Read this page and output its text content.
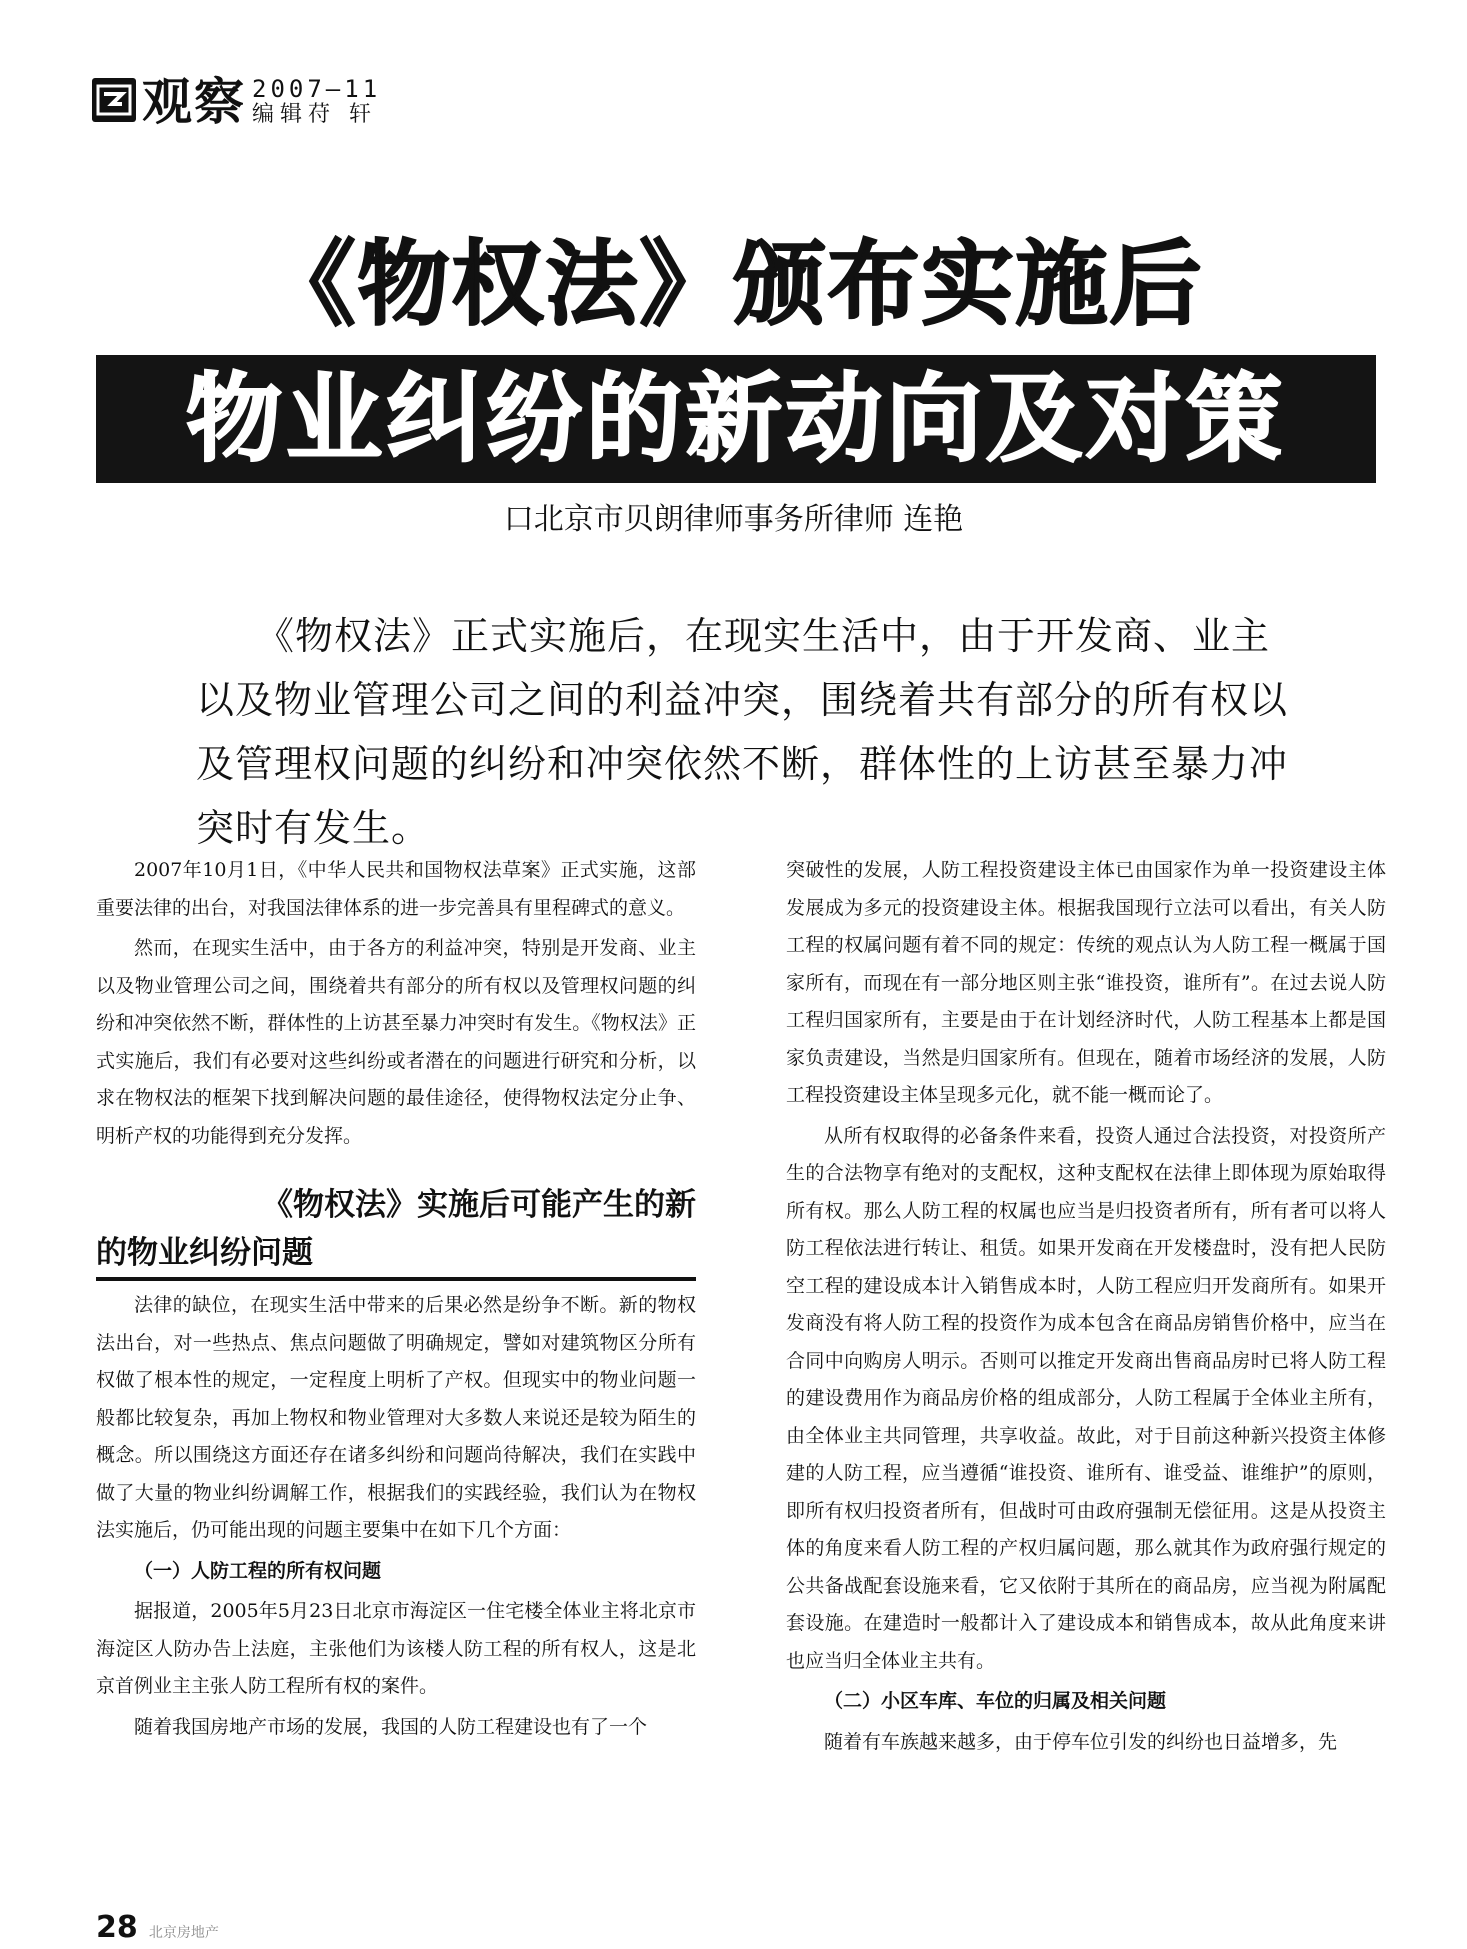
观察 2007—11
编辑苻 轩
《物权法》颁布实施后
物业纠纷的新动向及对策
口北京市贝朗律师事务所律师 连艳

《物权法》正式实施后，在现实生活中，由于开发商、业主以及物业管理公司之间的利益冲突，围绕着共有部分的所有权以及管理权问题的纠纷和冲突依然不断，群体性的上访甚至暴力冲突时有发生。

2007年10月1日，《中华人民共和国物权法草案》正式实施，这部重要法律的出台，对我国法律体系的进一步完善具有里程碑式的意义。

然而，在现实生活中，由于各方的利益冲突，特别是开发商、业主以及物业管理公司之间，围绕着共有部分的所有权以及管理权问题的纠纷和冲突依然不断，群体性的上访甚至暴力冲突时有发生。《物权法》正式实施后，我们有必要对这些纠纷或者潜在的问题进行研究和分析，以求在物权法的框架下找到解决问题的最佳途径，使得物权法定分止争、明析产权的功能得到充分发挥。

《物权法》实施后可能产生的新
的物业纠纷问题

法律的缺位，在现实生活中带来的后果必然是纷争不断。新的物权法出台，对一些热点、焦点问题做了明确规定，譬如对建筑物区分所有权做了根本性的规定，一定程度上明析了产权。但现实中的物业问题一般都比较复杂，再加上物权和物业管理对大多数人来说还是较为陌生的概念。所以围绕这方面还存在诸多纠纷和问题尚待解决，我们在实践中做了大量的物业纠纷调解工作，根据我们的实践经验，我们认为在物权法实施后，仍可能出现的问题主要集中在如下几个方面：

（一）人防工程的所有权问题

据报道，2005年5月23日北京市海淀区一住宅楼全体业主将北京市海淀区人防办告上法庭，主张他们为该楼人防工程的所有权人，这是北京首例业主主张人防工程所有权的案件。

随着我国房地产市场的发展，我国的人防工程建设也有了一个

突破性的发展，人防工程投资建设主体已由国家作为单一投资建设主体发展成为多元的投资建设主体。根据我国现行立法可以看出，有关人防工程的权属问题有着不同的规定：传统的观点认为人防工程一概属于国家所有，而现在有一部分地区则主张“谁投资，谁所有”。在过去说人防工程归国家所有，主要是由于在计划经济时代，人防工程基本上都是国家负责建设，当然是归国家所有。但现在，随着市场经济的发展，人防工程投资建设主体呈现多元化，就不能一概而论了。

从所有权取得的必备条件来看，投资人通过合法投资，对投资所产生的合法物享有绝对的支配权，这种支配权在法律上即体现为原始取得所有权。那么人防工程的权属也应当是归投资者所有，所有者可以将人防工程依法进行转让、租赁。如果开发商在开发楼盘时，没有把人民防空工程的建设成本计入销售成本时，人防工程应归开发商所有。如果开发商没有将人防工程的投资作为成本包含在商品房销售价格中，应当在合同中向购房人明示。否则可以推定开发商出售商品房时已将人防工程的建设费用作为商品房价格的组成部分，人防工程属于全体业主所有，由全体业主共同管理，共享收益。故此，对于目前这种新兴投资主体修建的人防工程，应当遵循“谁投资、谁所有、谁受益、谁维护”的原则，即所有权归投资者所有，但战时可由政府强制无偿征用。这是从投资主体的角度来看人防工程的产权归属问题，那么就其作为政府强行规定的公共备战配套设施来看，它又依附于其所在的商品房，应当视为附属配套设施。在建造时一般都计入了建设成本和销售成本，故从此角度来讲也应当归全体业主共有。

（二）小区车库、车位的归属及相关问题

随着有车族越来越多，由于停车位引发的纠纷也日益增多，先

28 北京房地产
